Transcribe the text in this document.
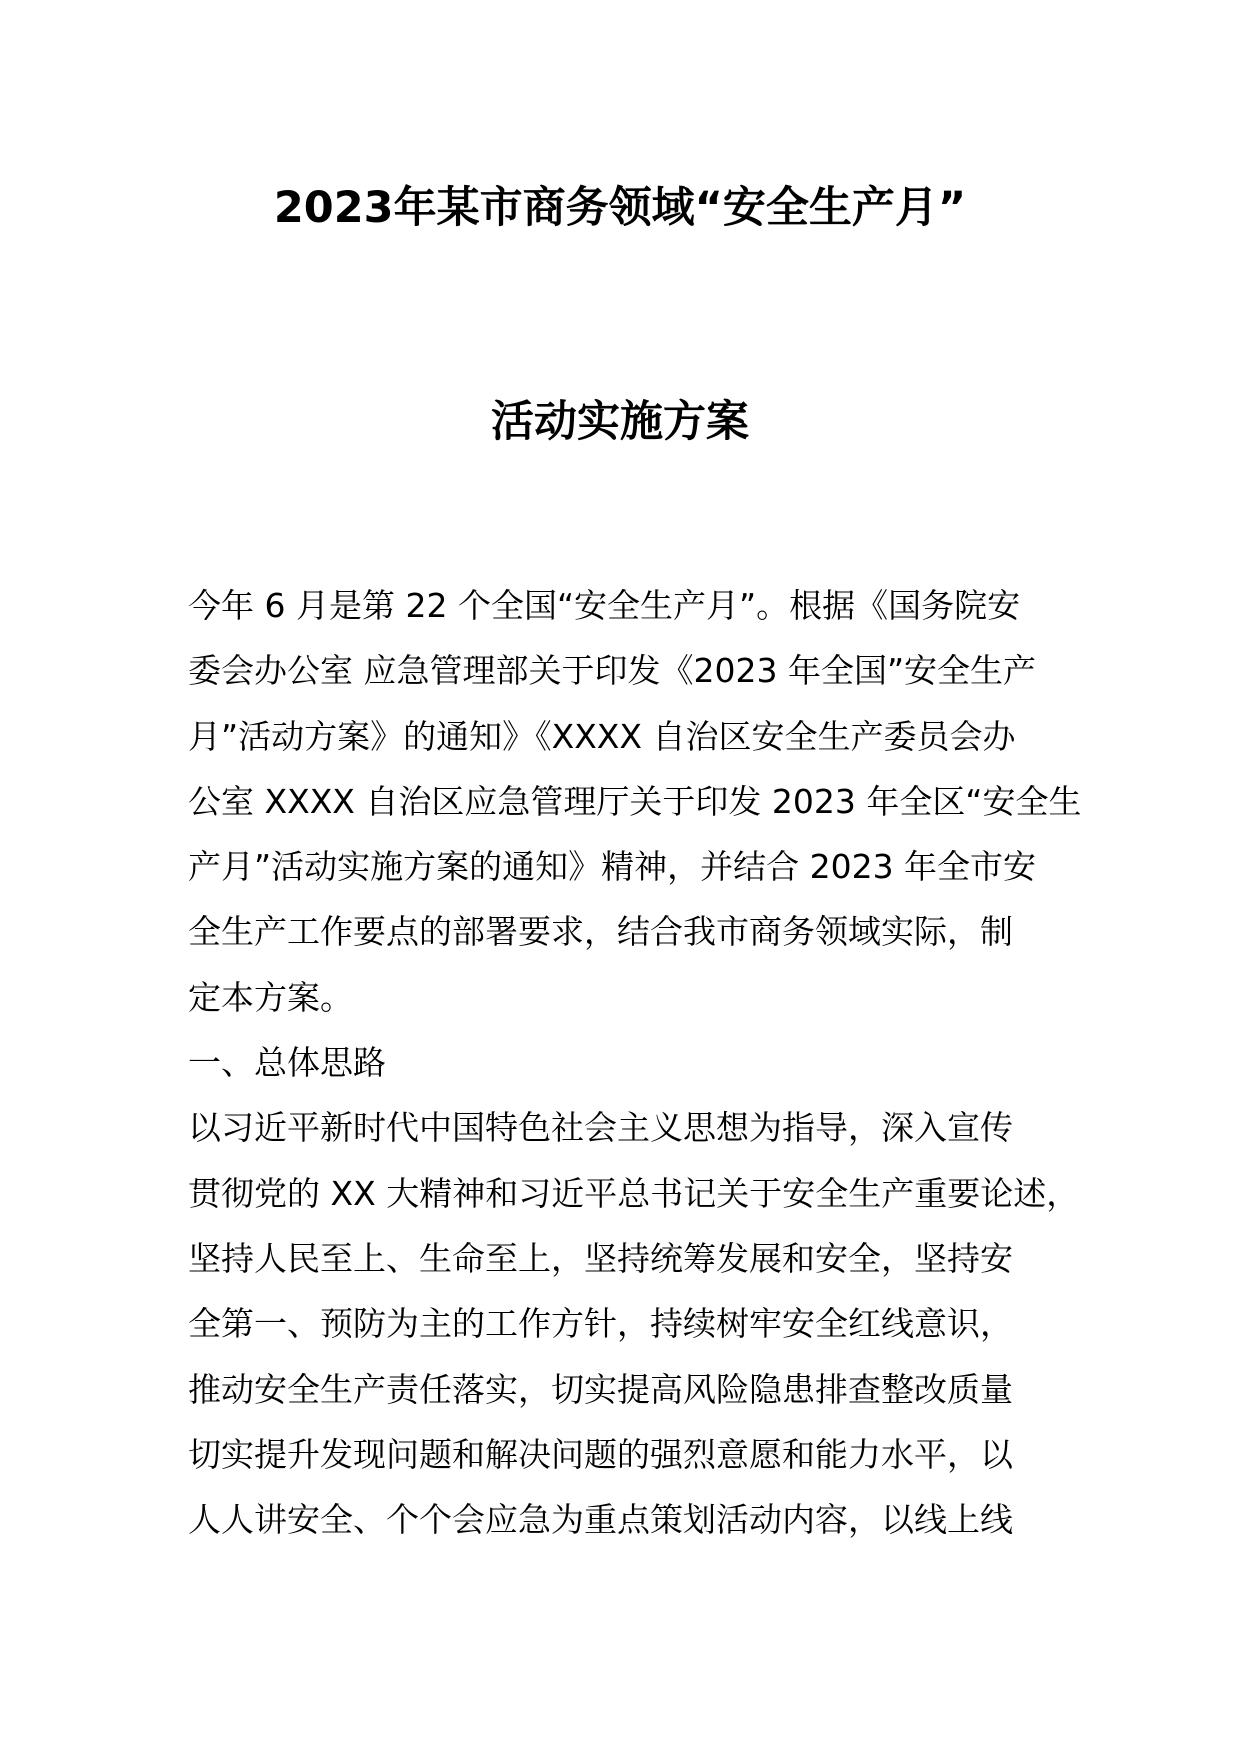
2023年某市商务领域“安全生产月”
活动实施方案
今年 6 月是第 22 个全国“安全生产月”。根据《国务院安
委会办公室 应急管理部关于印发《2023 年全国”安全生产
月”活动方案》的通知》《XXXX 自治区安全生产委员会办
公室 XXXX 自治区应急管理厅关于印发 2023 年全区“安全生
产月”活动实施方案的通知》精神，并结合 2023 年全市安
全生产工作要点的部署要求，结合我市商务领域实际，制
定本方案。
一、总体思路
以习近平新时代中国特色社会主义思想为指导，深入宣传
贯彻党的 XX 大精神和习近平总书记关于安全生产重要论述，
坚持人民至上、生命至上，坚持统筹发展和安全，坚持安
全第一、预防为主的工作方针，持续树牢安全红线意识，
推动安全生产责任落实，切实提高风险隐患排查整改质量
切实提升发现问题和解决问题的强烈意愿和能力水平，以
人人讲安全、个个会应急为重点策划活动内容，以线上线
